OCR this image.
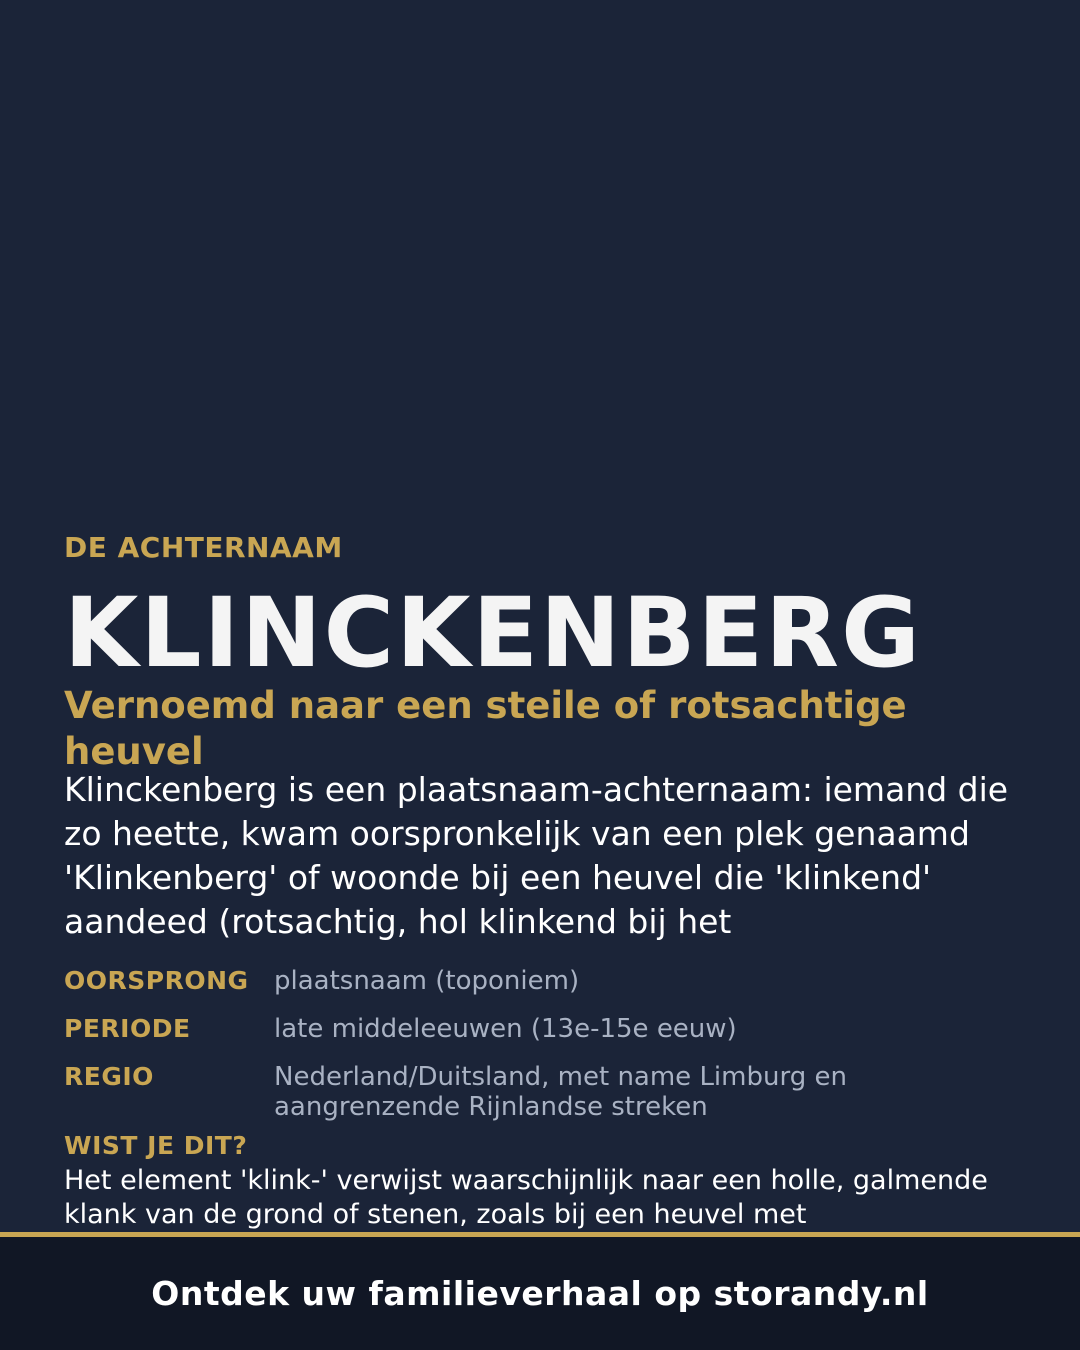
DE ACHTERNAAM
KLINCKENBERG
Vernoemd naar een steile of rotsachtige heuvel
Klinckenberg is een plaatsnaam-achternaam: iemand die zo heette, kwam oorspronkelijk van een plek genaamd 'Klinkenberg' of woonde bij een heuvel die 'klinkend' aandeed (rotsachtig, hol klinkend bij het
OORSPRONG plaatsnaam (toponiem)
PERIODE	late middeleeuwen (13e-15e eeuw)
REGIO	Nederland/Duitsland, met name Limburg en aangrenzende Rijnlandse streken
WIST JE DIT?
Het element 'klink-' verwijst waarschijnlijk naar een holle, galmende klank van de grond of stenen, zoals bij een heuvel met
Ontdek uw familieverhaal op storandy.nl
